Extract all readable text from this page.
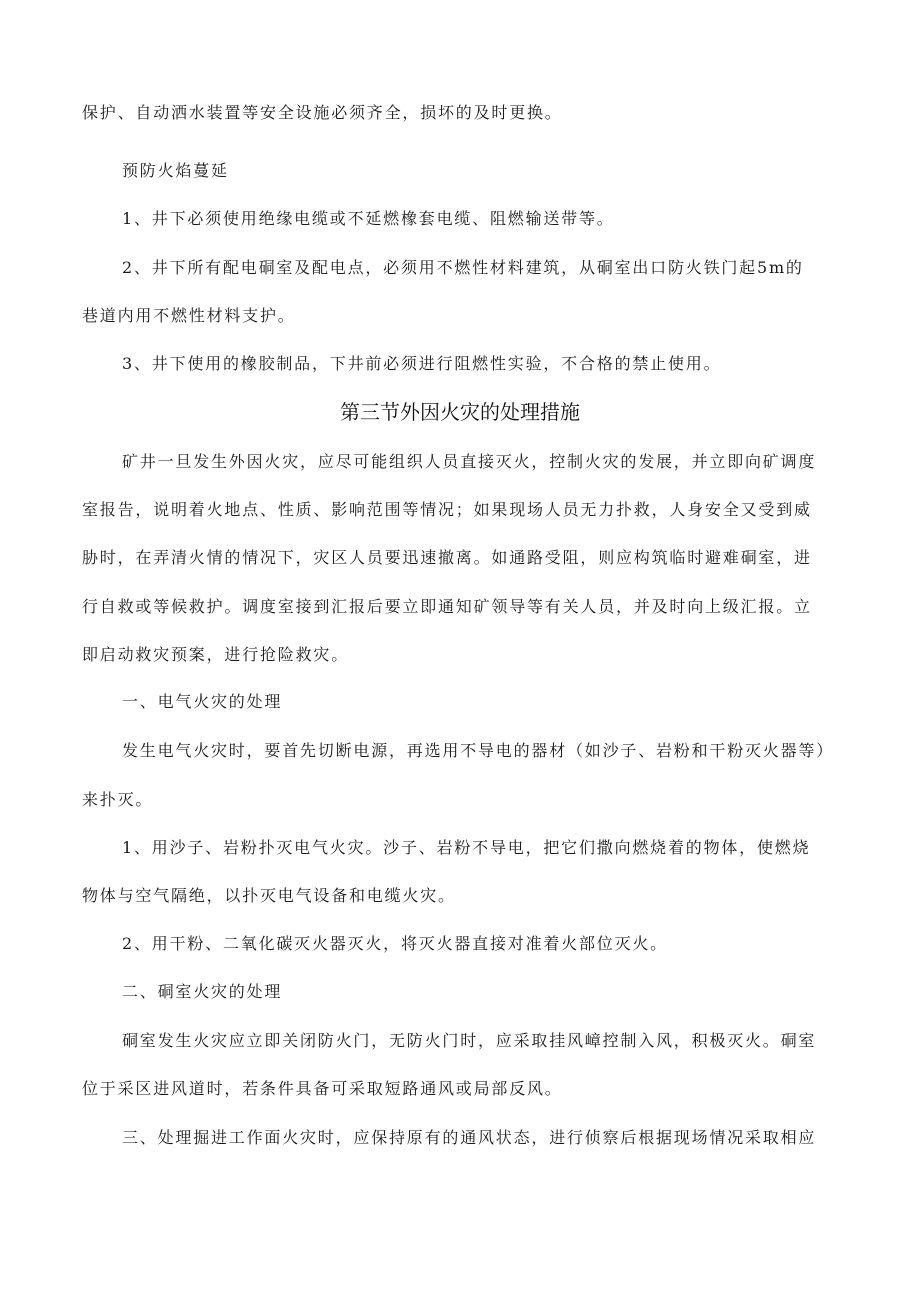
保护、自动洒水装置等安全设施必须齐全，损坏的及时更换。

预防火焰蔓延

1、井下必须使用绝缘电缆或不延燃橡套电缆、阻燃输送带等。

2、井下所有配电硐室及配电点，必须用不燃性材料建筑，从硐室出口防火铁门起5m的

巷道内用不燃性材料支护。

3、井下使用的橡胶制品，下井前必须进行阻燃性实验，不合格的禁止使用。

第三节外因火灾的处理措施

矿井一旦发生外因火灾，应尽可能组织人员直接灭火，控制火灾的发展，并立即向矿调度

室报告，说明着火地点、性质、影响范围等情况；如果现场人员无力扑救，人身安全又受到威

胁时，在弄清火情的情况下，灾区人员要迅速撤离。如通路受阻，则应构筑临时避难硐室，进

行自救或等候救护。调度室接到汇报后要立即通知矿领导等有关人员，并及时向上级汇报。立

即启动救灾预案，进行抢险救灾。

一、电气火灾的处理

发生电气火灾时，要首先切断电源，再选用不导电的器材（如沙子、岩粉和干粉灭火器等）

来扑灭。

1、用沙子、岩粉扑灭电气火灾。沙子、岩粉不导电，把它们撒向燃烧着的物体，使燃烧

物体与空气隔绝，以扑灭电气设备和电缆火灾。

2、用干粉、二氧化碳灭火器灭火，将灭火器直接对准着火部位灭火。

二、硐室火灾的处理

硐室发生火灾应立即关闭防火门，无防火门时，应采取挂风嶂控制入风，积极灭火。硐室

位于采区进风道时，若条件具备可采取短路通风或局部反风。

三、处理掘进工作面火灾时，应保持原有的通风状态，进行侦察后根据现场情况采取相应
